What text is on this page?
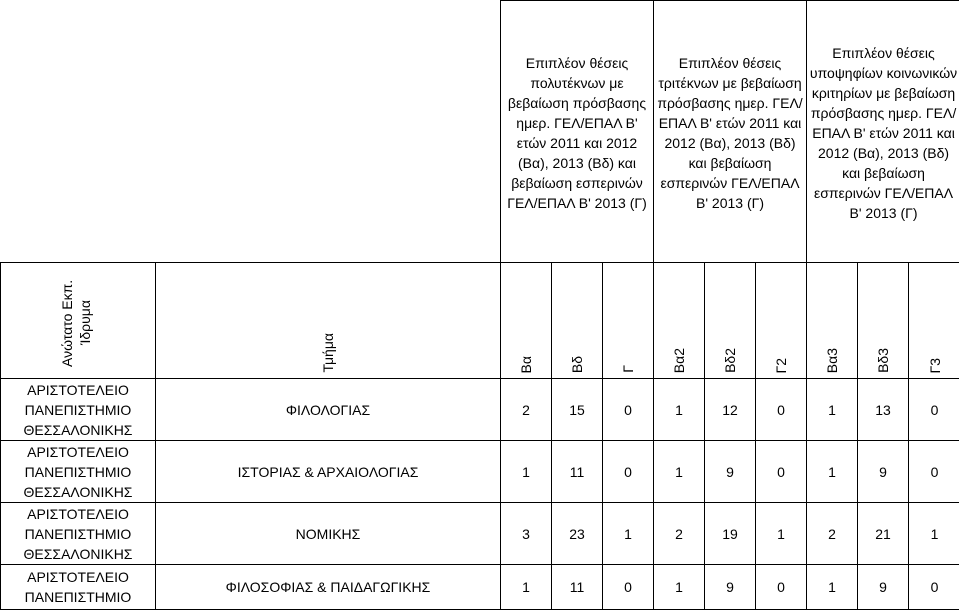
		Επιπλέον θέσεις πολυτέκνων με βεβαίωση πρόσβασης ημερ. ΓΕΛ/ΕΠΑΛ Β' ετών 2011 και 2012 (Βα), 2013 (Βδ) και βεβαίωση εσπερινών ΓΕΛ/ΕΠΑΛ Β' 2013 (Γ)			Επιπλέον θέσεις τριτέκνων με βεβαίωση πρόσβασης ημερ. ΓΕΛ/ΕΠΑΛ Β' ετών 2011 και 2012 (Βα), 2013 (Βδ) και βεβαίωση εσπερινών ΓΕΛ/ΕΠΑΛ Β' 2013 (Γ)			Επιπλέον θέσεις υποψηφίων κοινωνικών κριτηρίων με βεβαίωση πρόσβασης ημερ. ΓΕΛ/ΕΠΑΛ Β' ετών 2011 και 2012 (Βα), 2013 (Βδ) και βεβαίωση εσπερινών ΓΕΛ/ΕΠΑΛ Β' 2013 (Γ)		

Ανώτατο Εκπ. Ίδρυμα	Τμήμα	Βα	Βδ	Γ	Βα2	Βδ2	Γ2	Βα3	Βδ3	Γ3
ΑΡΙΣΤΟΤΕΛΕΙΟ ΠΑΝΕΠΙΣΤΗΜΙΟ ΘΕΣΣΑΛΟΝΙΚΗΣ	ΦΙΛΟΛΟΓΙΑΣ	2	15	0	1	12	0	1	13	0
ΑΡΙΣΤΟΤΕΛΕΙΟ ΠΑΝΕΠΙΣΤΗΜΙΟ ΘΕΣΣΑΛΟΝΙΚΗΣ	ΙΣΤΟΡΙΑΣ & ΑΡΧΑΙΟΛΟΓΙΑΣ	1	11	0	1	9	0	1	9	0
ΑΡΙΣΤΟΤΕΛΕΙΟ ΠΑΝΕΠΙΣΤΗΜΙΟ ΘΕΣΣΑΛΟΝΙΚΗΣ	ΝΟΜΙΚΗΣ	3	23	1	2	19	1	2	21	1
ΑΡΙΣΤΟΤΕΛΕΙΟ ΠΑΝΕΠΙΣΤΗΜΙΟ	ΦΙΛΟΣΟΦΙΑΣ & ΠΑΙΔΑΓΩΓΙΚΗΣ	1	11	0	1	9	0	1	9	0
